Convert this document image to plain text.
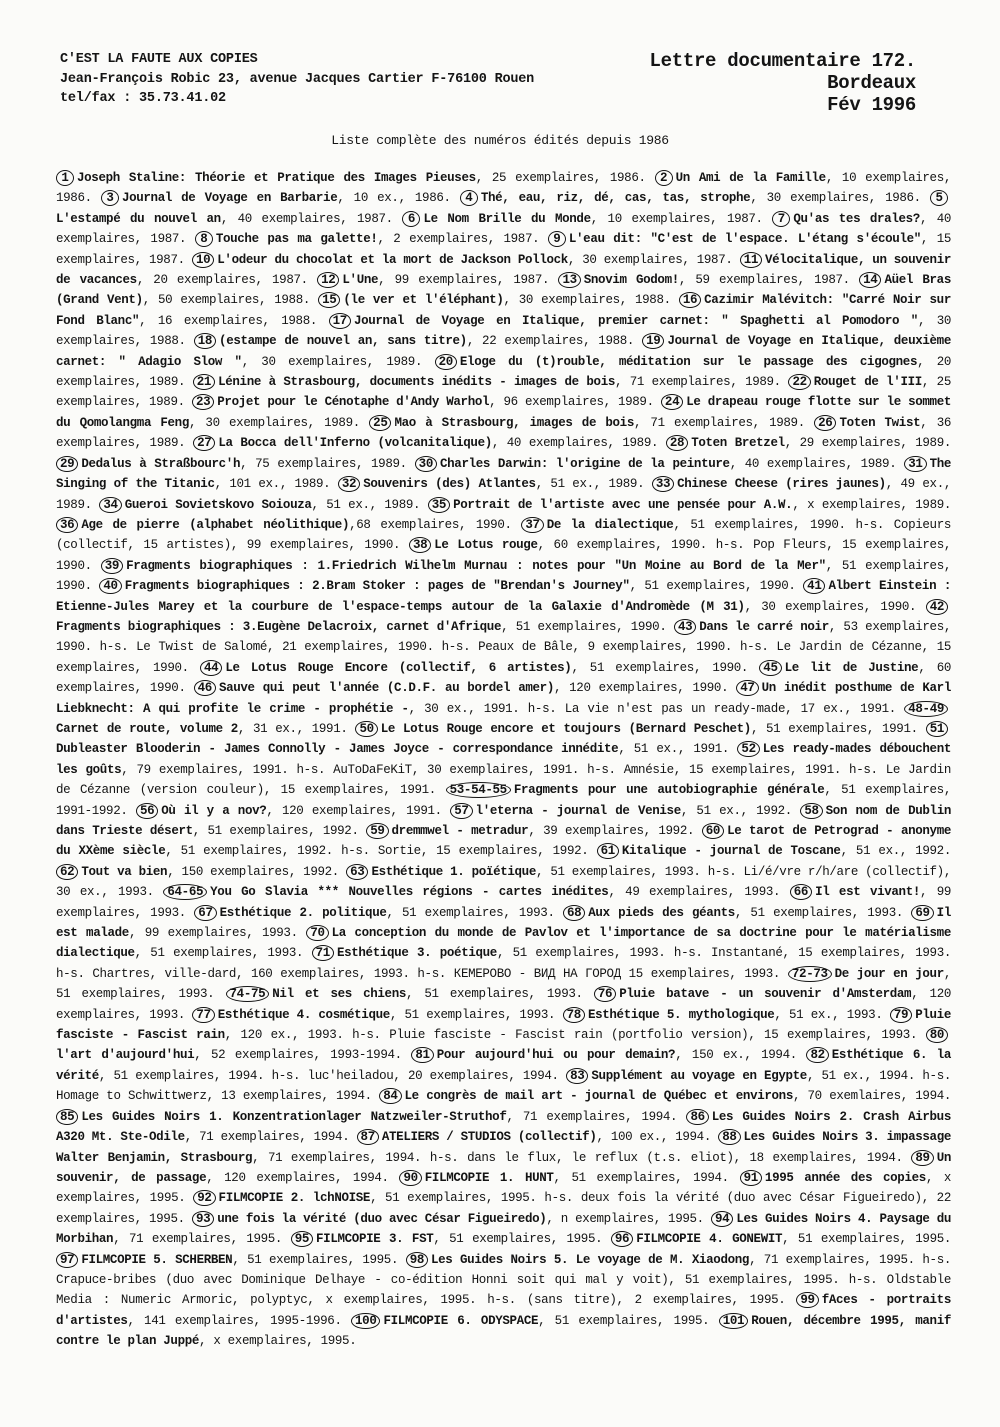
C'EST LA FAUTE AUX COPIES
Jean-François Robic 23, avenue Jacques Cartier F-76100 Rouen
tel/fax : 35.73.41.02
Lettre documentaire 172.
Bordeaux
Fév 1996
Liste complète des numéros édités depuis 1986
1 Joseph Staline: Théorie et Pratique des Images Pieuses, 25 exemplaires, 1986. 2 Un Ami de la Famille, 10 exemplaires, 1986. 3 Journal de Voyage en Barbarie, 10 ex., 1986. 4 Thé, eau, riz, dé, cas, tas, strophe, 30 exemplaires, 1986. 5L'estampé du nouvel an, 40 exemplaires, 1987. 6 Le Nom Brille du Monde, 10 exemplaires, 1987. 7 Qu'as tes drales?, 40 exemplaires, 1987. 8 Touche pas ma galette!, 2 exemplaires, 1987. 9 L'eau dit: "C'est de l'espace. L'étang s'écoule", 15 exemplaires, 1987. 10 L'odeur du chocolat et la mort de Jackson Pollock, 30 exemplaires, 1987. 11 Vélocitalique, un souvenir de vacances, 20 exemplaires, 1987. 12 L'Une, 99 exemplaires, 1987. 13 Snovim Godom!, 59 exemplaires, 1987. 14 Aüel Bras (Grand Vent), 50 exemplaires, 1988. 15 (le ver et l'éléphant), 30 exemplaires, 1988. 16 Cazimir Malévitch: "Carré Noir sur Fond Blanc", 16 exemplaires, 1988. 17 Journal de Voyage en Italique, premier carnet: " Spaghetti al Pomodoro ", 30 exemplaires, 1988. 18 (estampe de nouvel an, sans titre), 22 exemplaires, 1988. 19 Journal de Voyage en Italique, deuxième carnet: " Adagio Slow ", 30 exemplaires, 1989. 20 Eloge du (t)rouble, méditation sur le passage des cigognes, 20 exemplaires, 1989. 21 Lénine à Strasbourg, documents inédits - images de bois, 71 exemplaires, 1989. 22 Rouget de l'III, 25 exemplaires, 1989. 23 Projet pour le Cénotaphe d'Andy Warhol, 96 exemplaires, 1989. 24 Le drapeau rouge flotte sur le sommet du Qomolangma Feng, 30 exemplaires, 1989. 25 Mao à Strasbourg, images de bois, 71 exemplaires, 1989. 26 Toten Twist, 36 exemplaires, 1989. 27 La Bocca dell'Inferno (volcanitalique), 40 exemplaires, 1989. 28 Toten Bretzel, 29 exemplaires, 1989. 29 Dedalus à Straßbourc'h, 75 exemplaires, 1989. 30 Charles Darwin: l'origine de la peinture, 40 exemplaires, 1989. 31 The Singing of the Titanic, 101 ex., 1989. 32 Souvenirs (des) Atlantes, 51 ex., 1989. 33 Chinese Cheese (rires jaunes), 49 ex., 1989. 34 Gueroi Sovietskovo Soiouza, 51 ex., 1989. 35 Portrait de l'artiste avec une pensée pour A.W., x exemplaires, 1989. 36 Age de pierre (alphabet néolithique),68 exemplaires, 1990. 37 De la dialectique, 51 exemplaires, 1990. h-s. Copieurs (collectif, 15 artistes), 99 exemplaires, 1990. 38 Le Lotus rouge, 60 exemplaires, 1990. h-s. Pop Fleurs, 15 exemplaires, 1990. 39 Fragments biographiques : 1.Friedrich Wilhelm Murnau : notes pour "Un Moine au Bord de la Mer", 51 exemplaires, 1990. 40 Fragments biographiques : 2.Bram Stoker : pages de "Brendan's Journey", 51 exemplaires, 1990. 41 Albert Einstein : Etienne-Jules Marey et la courbure de l'espace-temps autour de la Galaxie d'Andromède (M 31), 30 exemplaires, 1990. 42Fragments biographiques : 3.Eugène Delacroix, carnet d'Afrique, 51 exemplaires, 1990. 43 Dans le carré noir, 53 exemplaires, 1990. h-s. Le Twist de Salomé, 21 exemplaires, 1990. h-s. Peaux de Bâle, 9 exemplaires, 1990. h-s. Le Jardin de Cézanne, 15 exemplaires, 1990. 44 Le Lotus Rouge Encore (collectif, 6 artistes), 51 exemplaires, 1990. 45 Le lit de Justine, 60 exemplaires, 1990. 46 Sauve qui peut l'année (C.D.F. au bordel amer), 120 exemplaires, 1990. 47 Un inédit posthume de Karl Liebknecht: A qui profite le crime - prophétie -, 30 ex., 1991. h-s. La vie n'est pas un ready-made, 17 ex., 1991. 48-49Carnet de route, volume 2, 31 ex., 1991. 50 Le Lotus Rouge encore et toujours (Bernard Peschet), 51 exemplaires, 1991. 51Dubleaster Blooderin - James Connolly - James Joyce - correspondance innédite, 51 ex., 1991. 52 Les ready-mades débouchent les goûts, 79 exemplaires, 1991. h-s. AuToDaFeKiT, 30 exemplaires, 1991. h-s. Amnésie, 15 exemplaires, 1991. h-s. Le Jardin de Cézanne (version couleur), 15 exemplaires, 1991. 53-54-55 Fragments pour une autobiographie générale, 51 exemplaires, 1991-1992. 56 Où il y a nov?, 120 exemplaires, 1991. 57 l'eterna - journal de Venise, 51 ex., 1992. 58 Son nom de Dublin dans Trieste désert, 51 exemplaires, 1992. 59 dremmwel - metradur, 39 exemplaires, 1992. 60 Le tarot de Petrograd - anonyme du XXème siècle, 51 exemplaires, 1992. h-s. Sortie, 15 exemplaires, 1992. 61 Kitalique - journal de Toscane, 51 ex., 1992. 62 Tout va bien, 150 exemplaires, 1992. 63 Esthétique 1. poïétique, 51 exemplaires, 1993. h-s. Li/é/vre r/h/are (collectif), 30 ex., 1993. 64-65 You Go Slavia *** Nouvelles régions - cartes inédites, 49 exemplaires, 1993. 66 Il est vivant!, 99 exemplaires, 1993. 67 Esthétique 2. politique, 51 exemplaires, 1993. 68 Aux pieds des géants, 51 exemplaires, 1993. 69 Il est malade, 99 exemplaires, 1993. 70 La conception du monde de Pavlov et l'importance de sa doctrine pour le matérialisme dialectique, 51 exemplaires, 1993. 71 Esthétique 3. poétique, 51 exemplaires, 1993. h-s. Instantané, 15 exemplaires, 1993. h-s. Chartres, ville-dard, 160 exemplaires, 1993. h-s. КЕМЕРОВО - ВИД НА ГОРОД 15 exemplaires, 1993. 72-73 De jour en jour, 51 exemplaires, 1993. 74-75 Nil et ses chiens, 51 exemplaires, 1993. 76 Pluie batave - un souvenir d'Amsterdam, 120 exemplaires, 1993. 77 Esthétique 4. cosmétique, 51 exemplaires, 1993. 78 Esthétique 5. mythologique, 51 ex., 1993. 79 Pluie fasciste - Fascist rain, 120 ex., 1993. h-s. Pluie fasciste - Fascist rain (portfolio version), 15 exemplaires, 1993. 80l'art d'aujourd'hui, 52 exemplaires, 1993-1994. 81 Pour aujourd'hui ou pour demain?, 150 ex., 1994. 82 Esthétique 6. la vérité, 51 exemplaires, 1994. h-s. luc'heiladou, 20 exemplaires, 1994. 83 Supplément au voyage en Egypte, 51 ex., 1994. h-s. Homage to Schwittwerz, 13 exemplaires, 1994. 84 Le congrès de mail art - journal de Québec et environs, 70 exemlaires, 1994. 85 Les Guides Noirs 1. Konzentrationlager Natzweiler-Struthof, 71 exemplaires, 1994. 86 Les Guides Noirs 2. Crash Airbus A320 Mt. Ste-Odile, 71 exemplaires, 1994. 87 ATELIERS / STUDIOS (collectif), 100 ex., 1994. 88 Les Guides Noirs 3. impassage Walter Benjamin, Strasbourg, 71 exemplaires, 1994. h-s. dans le flux, le reflux (t.s. eliot), 18 exemplaires, 1994. 89 Un souvenir, de passage, 120 exemplaires, 1994. 90 FILMCOPIE 1. HUNT, 51 exemplaires, 1994. 91 1995 année des copies, x exemplaires, 1995. 92 FILMCOPIE 2. lchNOISE, 51 exemplaires, 1995. h-s. deux fois la vérité (duo avec César Figueiredo), 22 exemplaires, 1995. 93 une fois la vérité (duo avec César Figueiredo), n exemplaires, 1995. 94 Les Guides Noirs 4. Paysage du Morbihan, 71 exemplaires, 1995. 95 FILMCOPIE 3. FST, 51 exemplaires, 1995. 96 FILMCOPIE 4. GONEWIT, 51 exemplaires, 1995. 97 FILMCOPIE 5. SCHERBEN, 51 exemplaires, 1995. 98 Les Guides Noirs 5. Le voyage de M. Xiaodong, 71 exemplaires, 1995. h-s. Crapuce-bribes (duo avec Dominique Delhaye - co-édition Honni soit qui mal y voit), 51 exemplaires, 1995. h-s. Oldstable Media : Numeric Armoric, polyptyc, x exemplaires, 1995. h-s. (sans titre), 2 exemplaires, 1995. 99 fAces - portraits d'artistes, 141 exemplaires, 1995-1996. 100 FILMCOPIE 6. ODYSPACE, 51 exemplaires, 1995. 101 Rouen, décembre 1995, manif contre le plan Juppé, x exemplaires, 1995.
